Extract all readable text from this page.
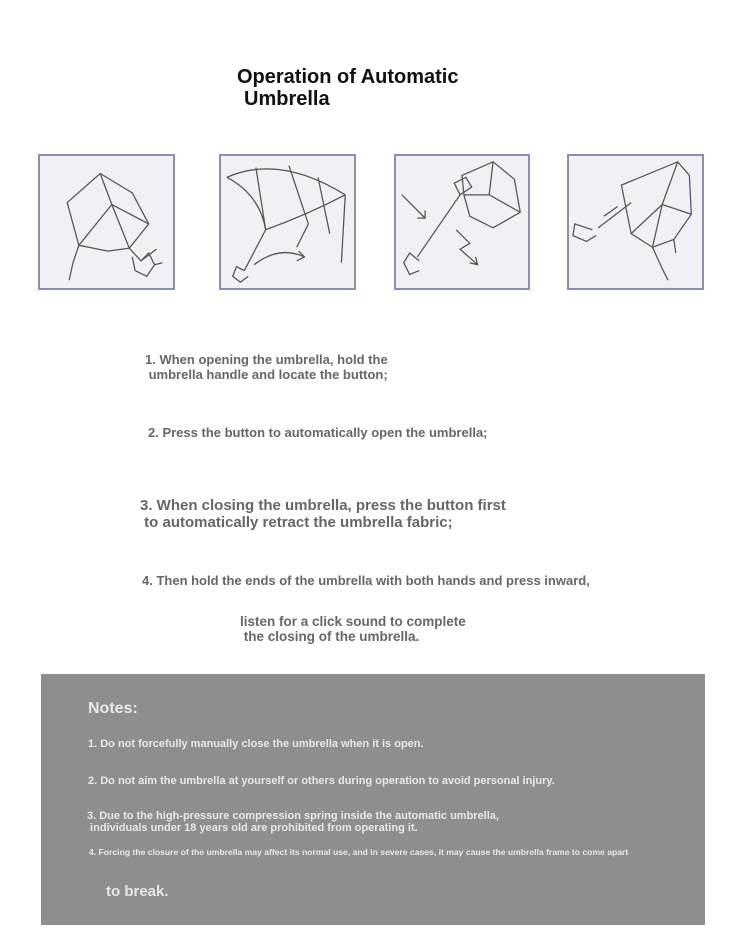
Operation of Automatic
Umbrella
1. When opening the umbrella, hold the
umbrella handle and locate the button;
2. Press the button to automatically open the umbrella;
3. When closing the umbrella, press the button first
to automatically retract the umbrella fabric;
4. Then hold the ends of the umbrella with both hands and press inward,
listen for a click sound to complete
the closing of the umbrella.
Notes:
1. Do not forcefully manually close the umbrella when it is open.
2. Do not aim the umbrella at yourself or others during operation to avoid personal injury.
3. Due to the high-pressure compression spring inside the automatic umbrella,
individuals under 18 years old are prohibited from operating it.
4. Forcing the closure of the umbrella may affect its normal use, and in severe cases, it may cause the umbrella frame to come apart
to break.
